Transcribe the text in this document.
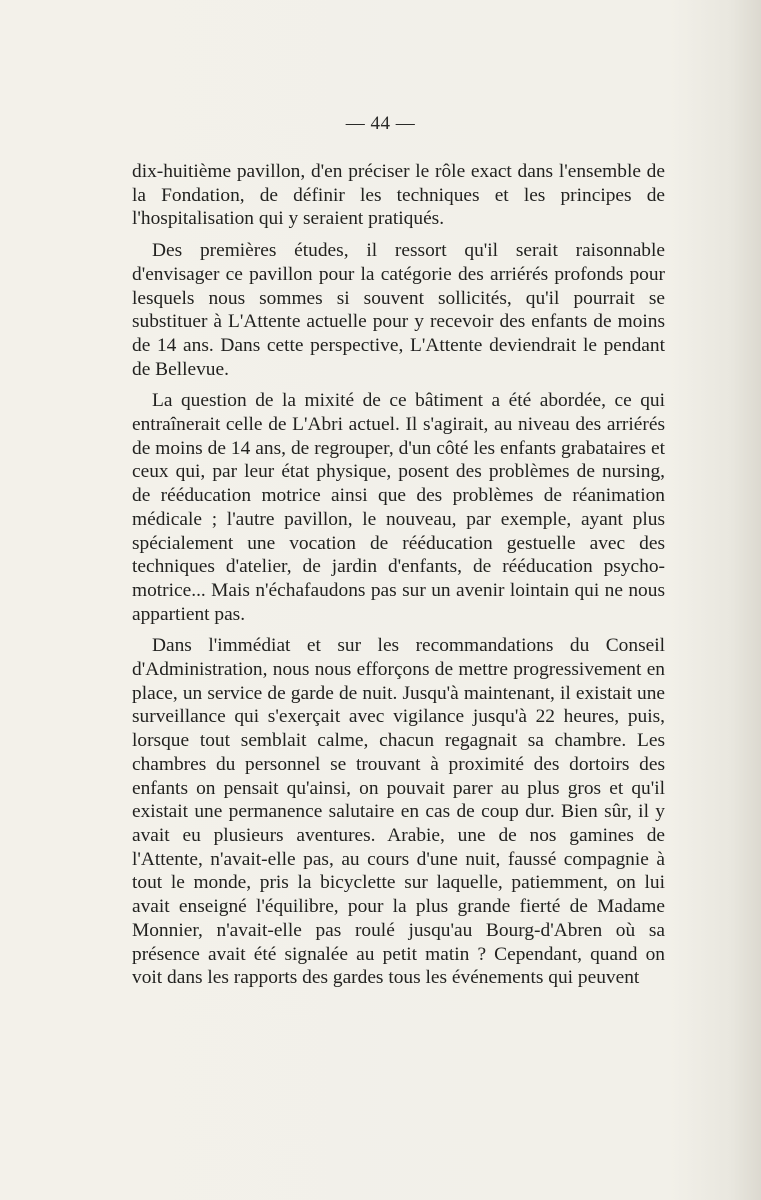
— 44 —

dix-huitième pavillon, d'en préciser le rôle exact dans l'ensemble de la Fondation, de définir les techniques et les principes de l'hospitalisation qui y seraient pratiqués.

Des premières études, il ressort qu'il serait raisonnable d'envisager ce pavillon pour la catégorie des arriérés profonds pour lesquels nous sommes si souvent sollicités, qu'il pourrait se substituer à L'Attente actuelle pour y recevoir des enfants de moins de 14 ans. Dans cette perspective, L'Attente deviendrait le pendant de Bellevue.

La question de la mixité de ce bâtiment a été abordée, ce qui entraînerait celle de L'Abri actuel. Il s'agirait, au niveau des arriérés de moins de 14 ans, de regrouper, d'un côté les enfants grabataires et ceux qui, par leur état physique, posent des problèmes de nursing, de rééducation motrice ainsi que des problèmes de réanimation médicale ; l'autre pavillon, le nouveau, par exemple, ayant plus spécialement une vocation de rééducation gestuelle avec des techniques d'atelier, de jardin d'enfants, de rééducation psycho-motrice... Mais n'échafaudons pas sur un avenir lointain qui ne nous appartient pas.

Dans l'immédiat et sur les recommandations du Conseil d'Administration, nous nous efforçons de mettre progressivement en place, un service de garde de nuit. Jusqu'à maintenant, il existait une surveillance qui s'exerçait avec vigilance jusqu'à 22 heures, puis, lorsque tout semblait calme, chacun regagnait sa chambre. Les chambres du personnel se trouvant à proximité des dortoirs des enfants on pensait qu'ainsi, on pouvait parer au plus gros et qu'il existait une permanence salutaire en cas de coup dur. Bien sûr, il y avait eu plusieurs aventures. Arabie, une de nos gamines de l'Attente, n'avait-elle pas, au cours d'une nuit, faussé compagnie à tout le monde, pris la bicyclette sur laquelle, patiemment, on lui avait enseigné l'équilibre, pour la plus grande fierté de Madame Monnier, n'avait-elle pas roulé jusqu'au Bourg-d'Abren où sa présence avait été signalée au petit matin ? Cependant, quand on voit dans les rapports des gardes tous les événements qui peuvent
